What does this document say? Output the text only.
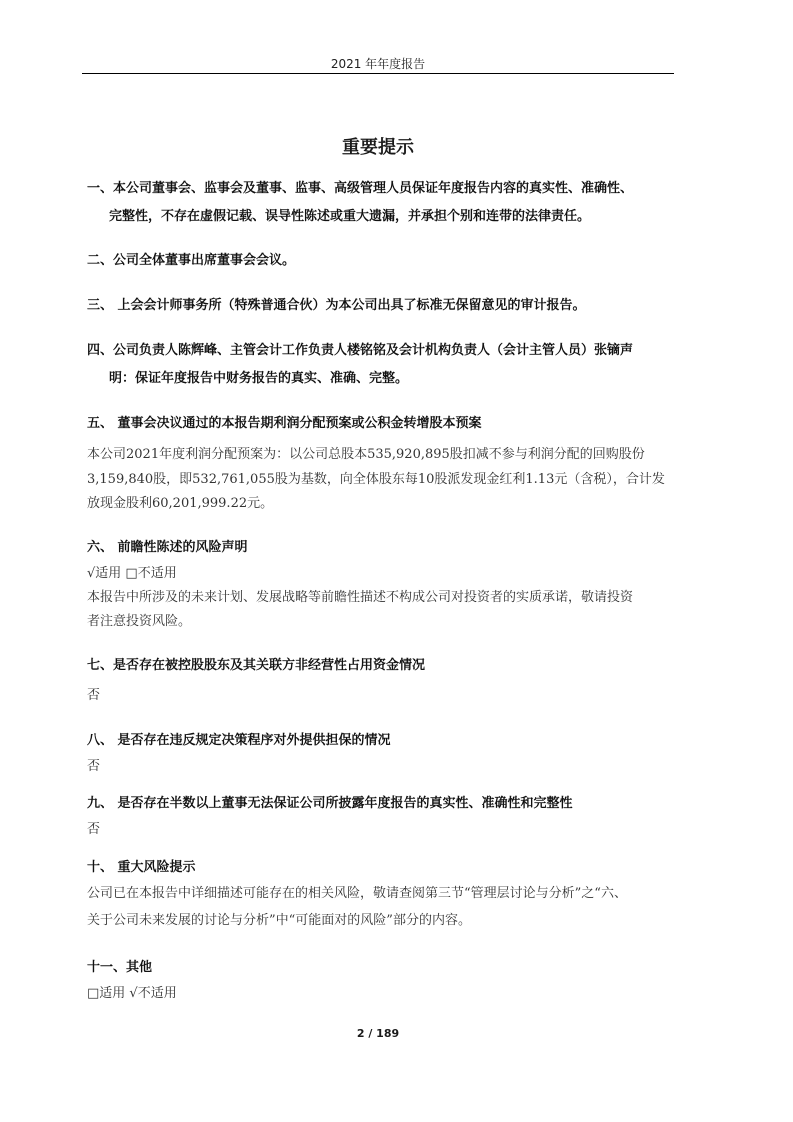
2021 年年度报告
重要提示
一、本公司董事会、监事会及董事、监事、高级管理人员保证年度报告内容的真实性、准确性、
完整性，不存在虚假记载、误导性陈述或重大遗漏，并承担个别和连带的法律责任。
二、公司全体董事出席董事会会议。
三、 上会会计师事务所（特殊普通合伙）为本公司出具了标准无保留意见的审计报告。
四、公司负责人陈辉峰、主管会计工作负责人楼铭铭及会计机构负责人（会计主管人员）张镝声
明：保证年度报告中财务报告的真实、准确、完整。
五、 董事会决议通过的本报告期利润分配预案或公积金转增股本预案
本公司2021年度利润分配预案为：以公司总股本535,920,895股扣减不参与利润分配的回购股份
3,159,840股，即532,761,055股为基数，向全体股东每10股派发现金红利1.13元（含税），合计发
放现金股利60,201,999.22元。
六、 前瞻性陈述的风险声明
√适用 □不适用
本报告中所涉及的未来计划、发展战略等前瞻性描述不构成公司对投资者的实质承诺，敬请投资
者注意投资风险。
七、是否存在被控股股东及其关联方非经营性占用资金情况
否
八、 是否存在违反规定决策程序对外提供担保的情况
否
九、 是否存在半数以上董事无法保证公司所披露年度报告的真实性、准确性和完整性
否
十、 重大风险提示
公司已在本报告中详细描述可能存在的相关风险，敬请查阅第三节“管理层讨论与分析”之“六、
关于公司未来发展的讨论与分析”中“可能面对的风险”部分的内容。
十一、其他
□适用 √不适用
2 / 189
